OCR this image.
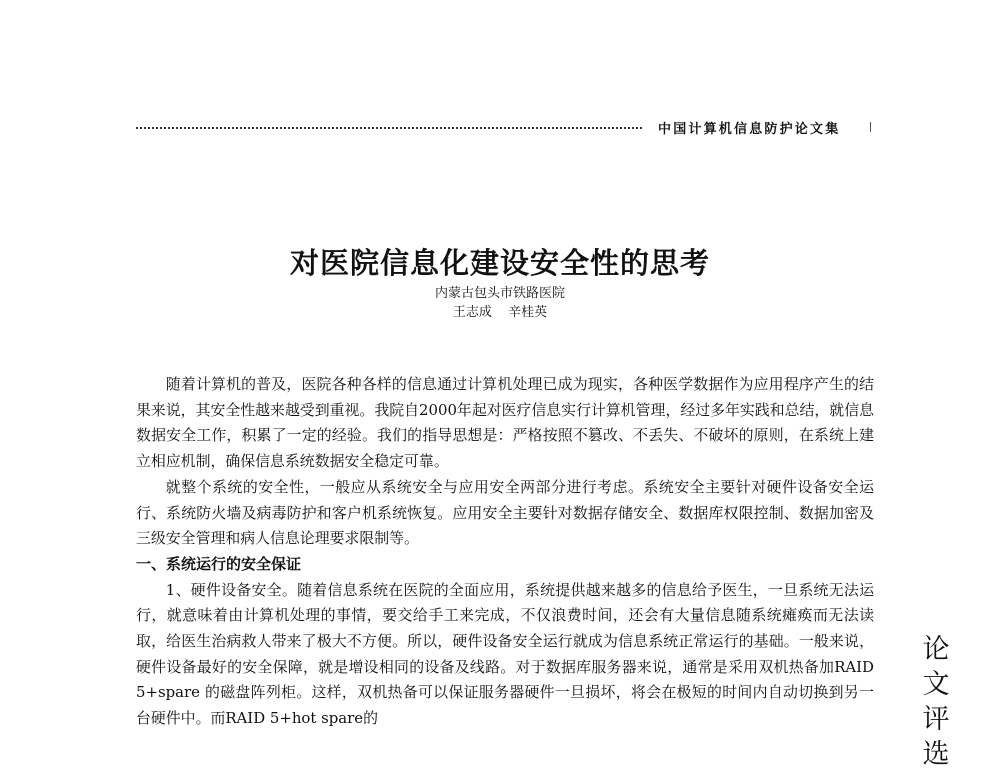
中国计算机信息防护论文集
对医院信息化建设安全性的思考
内蒙古包头市铁路医院
王志成 辛桂英

随着计算机的普及，医院各种各样的信息通过计算机处理已成为现实，各种医学数据作为应用程序产生的结果来说，其安全性越来越受到重视。我院自2000年起对医疗信息实行计算机管理，经过多年实践和总结，就信息数据安全工作，积累了一定的经验。我们的指导思想是：严格按照不篡改、不丢失、不破坏的原则，在系统上建立相应机制，确保信息系统数据安全稳定可靠。

就整个系统的安全性，一般应从系统安全与应用安全两部分进行考虑。系统安全主要针对硬件设备安全运行、系统防火墙及病毒防护和客户机系统恢复。应用安全主要针对数据存储安全、数据库权限控制、数据加密及三级安全管理和病人信息论理要求限制等。

一、系统运行的安全保证

1、硬件设备安全。随着信息系统在医院的全面应用，系统提供越来越多的信息给予医生，一旦系统无法运行，就意味着由计算机处理的事情，要交给手工来完成，不仅浪费时间，还会有大量信息随系统瘫痪而无法读取，给医生治病救人带来了极大不方便。所以，硬件设备安全运行就成为信息系统正常运行的基础。一般来说，硬件设备最好的安全保障，就是增设相同的设备及线路。对于数据库服务器来说，通常是采用双机热备加RAID 5+spare 的磁盘阵列柜。这样，双机热备可以保证服务器硬件一旦损坏，将会在极短的时间内自动切换到另一台硬件中。而RAID 5+hot spare的

论
文
评
选
